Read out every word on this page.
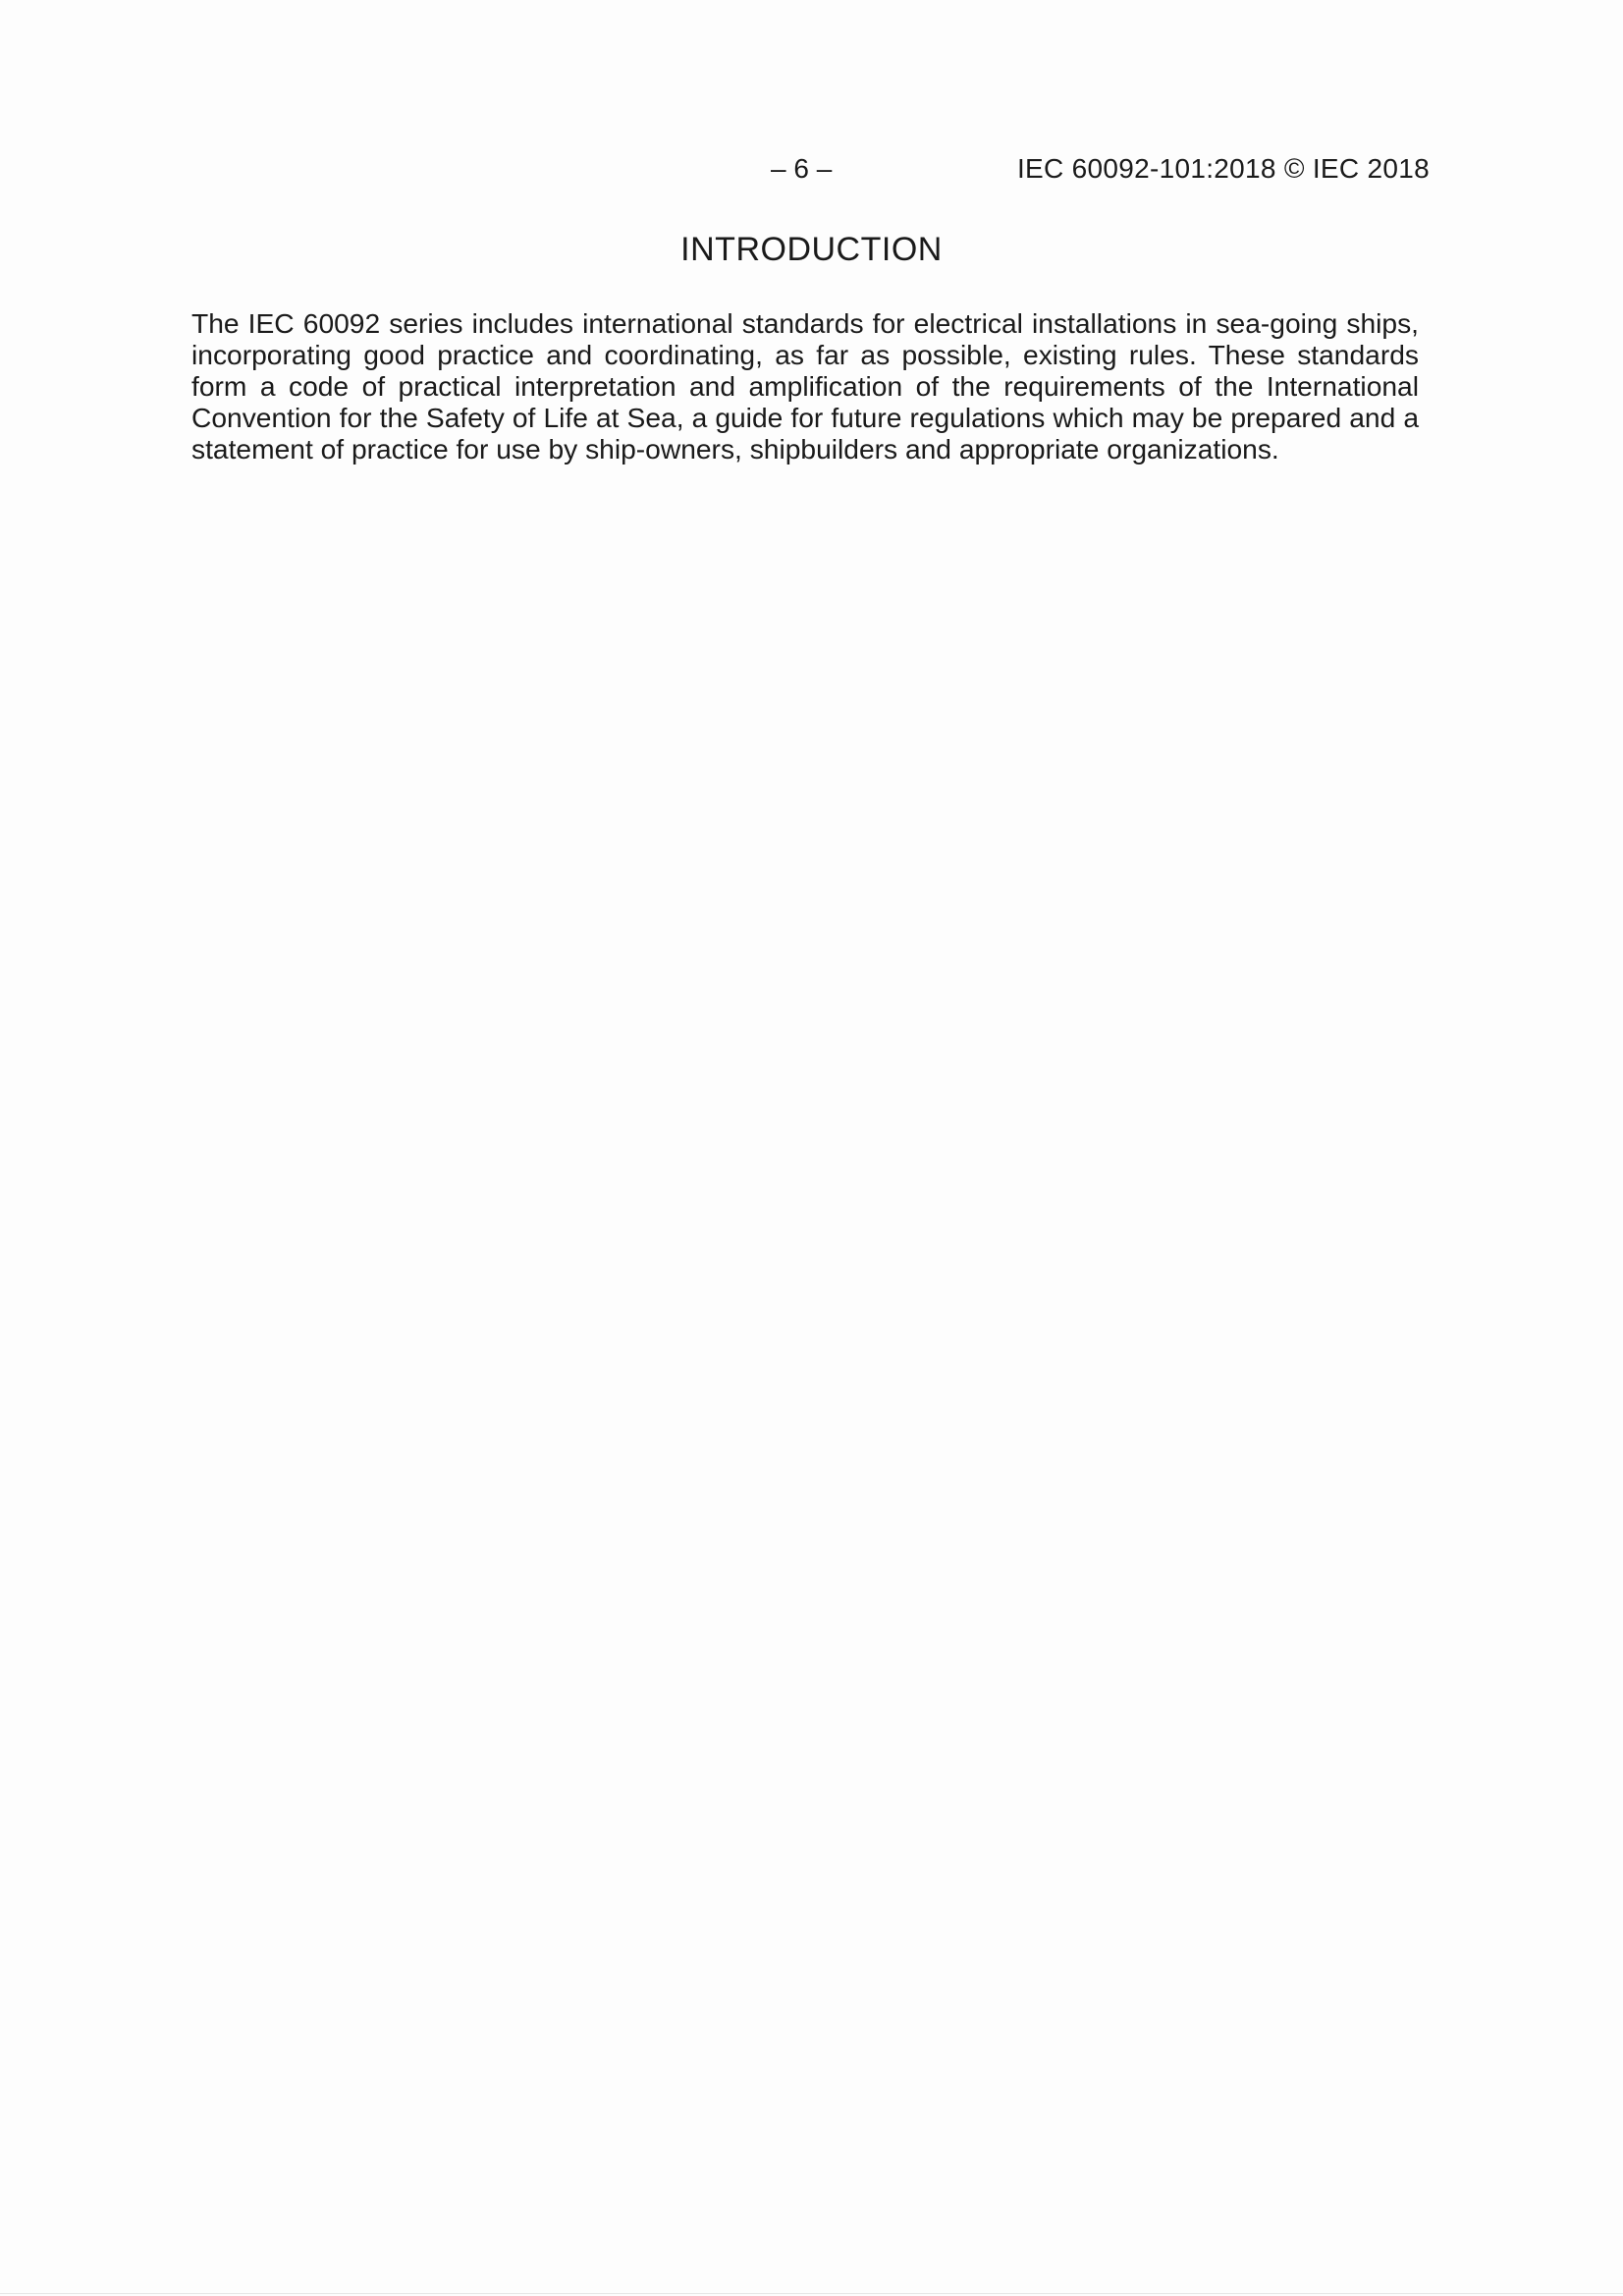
– 6 –	IEC 60092-101:2018 © IEC 2018
INTRODUCTION

The IEC 60092 series includes international standards for electrical installations in sea-going ships, incorporating good practice and coordinating, as far as possible, existing rules. These standards form a code of practical interpretation and amplification of the requirements of the International Convention for the Safety of Life at Sea, a guide for future regulations which may be prepared and a statement of practice for use by ship-owners, shipbuilders and appropriate organizations.
